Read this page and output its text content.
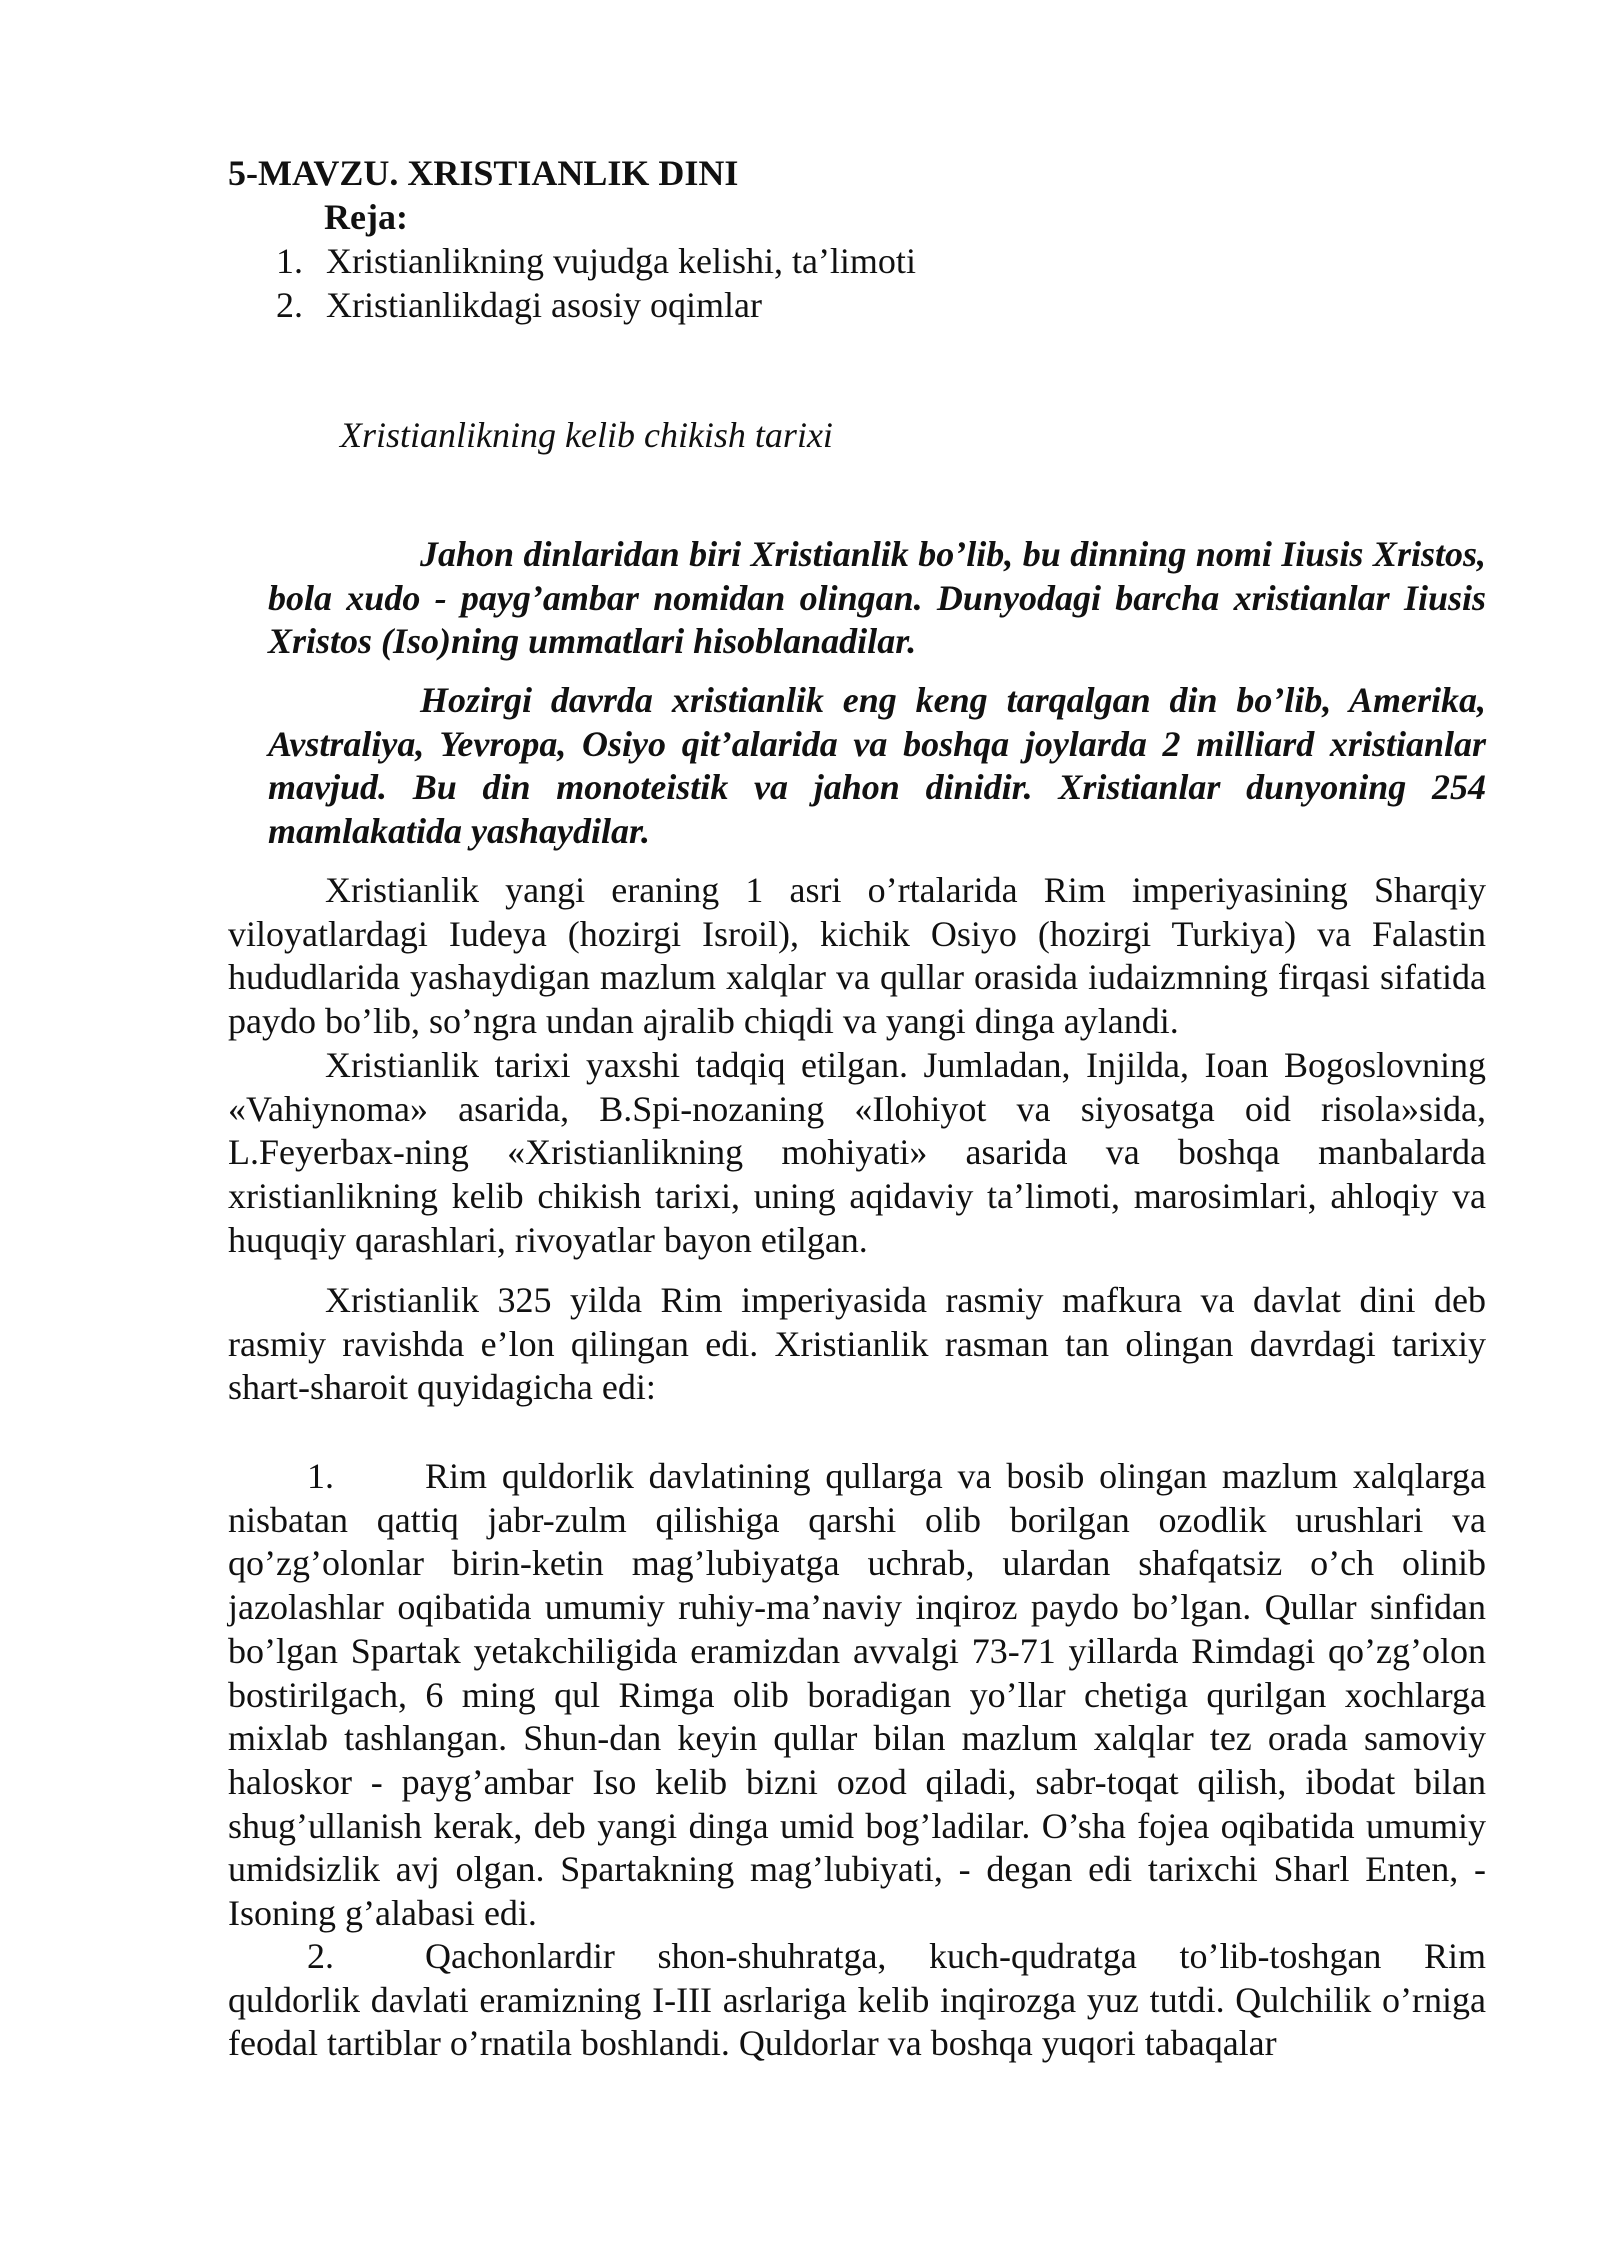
5-MAVZU. XRISTIANLIK DINI
Reja:
1. Xristianlikning vujudga kelishi, ta’limoti
2. Xristianlikdagi asosiy oqimlar
Xristianlikning kelib chikish tarixi

Jahon dinlaridan biri Xristianlik bo’lib, bu dinning nomi Iiusis Xristos, bola xudo - payg’ambar nomidan olingan. Dunyodagi barcha xristianlar Iiusis Xristos (Iso)ning ummatlari hisoblanadilar.

Hozirgi davrda xristianlik eng keng tarqalgan din bo’lib, Amerika, Avstraliya, Yevropa, Osiyo qit’alarida va boshqa joylarda 2 milliard xristianlar mavjud. Bu din monoteistik va jahon dinidir. Xristianlar dunyoning 254 mamlakatida yashaydilar.

Xristianlik yangi eraning 1 asri o’rtalarida Rim imperiyasining Sharqiy viloyatlardagi Iudeya (hozirgi Isroil), kichik Osiyo (hozirgi Turkiya) va Falastin hududlarida yashaydigan mazlum xalqlar va qullar orasida iudaizmning firqasi sifatida paydo bo’lib, so’ngra undan ajralib chiqdi va yangi dinga aylandi.

Xristianlik tarixi yaxshi tadqiq etilgan. Jumladan, Injilda, Ioan Bogoslovning «Vahiynoma» asarida, B.Spi-nozaning «Ilohiyot va siyosatga oid risola»sida, L.Feyerbax-ning «Xristianlikning mohiyati» asarida va boshqa manbalarda xristianlikning kelib chikish tarixi, uning aqidaviy ta’limoti, marosimlari, ahloqiy va huquqiy qarashlari, rivoyatlar bayon etilgan.

Xristianlik 325 yilda Rim imperiyasida rasmiy mafkura va davlat dini deb rasmiy ravishda e’lon qilingan edi. Xristianlik rasman tan olingan davrdagi tarixiy shart-sharoit quyidagicha edi:

1.	Rim quldorlik davlatining qullarga va bosib olingan mazlum xalqlarga nisbatan qattiq jabr-zulm qilishiga qarshi olib borilgan ozodlik urushlari va qo’zg’olonlar birin-ketin mag’lubiyatga uchrab, ulardan shafqatsiz o’ch olinib jazolashlar oqibatida umumiy ruhiy-ma’naviy inqiroz paydo bo’lgan. Qullar sinfidan bo’lgan Spartak yetakchiligida eramizdan avvalgi 73-71 yillarda Rimdagi qo’zg’olon bostirilgach, 6 ming qul Rimga olib boradigan yo’llar chetiga qurilgan xochlarga mixlab tashlangan. Shun-dan keyin qullar bilan mazlum xalqlar tez orada samoviy haloskor - payg’ambar Iso kelib bizni ozod qiladi, sabr-toqat qilish, ibodat bilan shug’ullanish kerak, deb yangi dinga umid bog’ladilar. O’sha fojea oqibatida umumiy umidsizlik avj olgan. Spartakning mag’lubiyati, - degan edi tarixchi Sharl Enten, - Isoning g’alabasi edi.

2.	Qachonlardir shon-shuhratga, kuch-qudratga to’lib-toshgan Rim quldorlik davlati eramizning I-III asrlariga kelib inqirozga yuz tutdi. Qulchilik o’rniga feodal tartiblar o’rnatila boshlandi. Quldorlar va boshqa yuqori tabaqalar
